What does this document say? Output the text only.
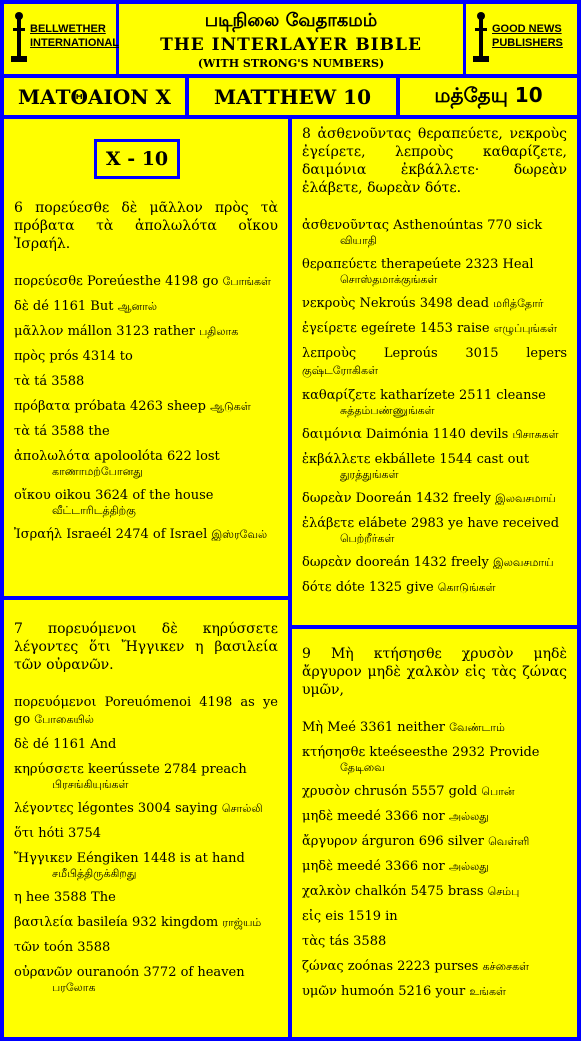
BELLWETHER
INTERNATIONAL
படிநிலை வேதாகமம்
THE INTERLAYER BIBLE
(WITH STRONG'S NUMBERS)
GOOD NEWS
PUBLISHERS
ΜΑΤΘΑΙΟΝ X	MATTHEW 10	மத்தேயு 10
X - 10
6 πορεύεσθε δὲ μᾶλλον πρὸς τὰ πρόβατα τὰ ἀπολωλότα οἴκου Ἰσραήλ.
πορεύεσθε Poreúesthe 4198 go போங்கள்
δὲ dé 1161 But ஆனால்
μᾶλλον mállon 3123 rather பதிலாக
πρὸς prós 4314 to
τὰ tá 3588
πρόβατα próbata 4263 sheep ஆடுகள்
τὰ tá 3588 the
ἀπολωλότα apoloolóta 622 lost
காணாமற்போனது
οἴκου oikou 3624 of the house
வீட்டாரிடத்திற்கு
Ἰσραήλ Israeél 2474 of Israel இஸ்ரவேல்
7 πορευόμενοι δὲ κηρύσσετε λέγοντες ὅτι Ἤγγικεν η βασιλεία τῶν οὐρανῶν.
πορευόμενοι Poreuómenoi 4198 as ye go போகையில்
δὲ dé 1161 And
κηρύσσετε keerússete 2784 preach
பிரசங்கியுங்கள்
λέγοντες légontes 3004 saying சொல்லி
ὅτι hóti 3754
Ἤγγικεν Eéngiken 1448 is at hand
சமீபித்திருக்கிறது
η hee 3588 The
βασιλεία basileía 932 kingdom ராஜ்யம்
τῶν toón 3588
οὐρανῶν ouranoón 3772 of heaven
பரலோக
8 ἀσθενοῦντας θεραπεύετε, νεκροὺς ἐγείρετε, λεπροὺς καθαρίζετε, δαιμόνια ἐκβάλλετε· δωρεὰν ἐλάβετε, δωρεὰν δότε.
ἀσθενοῦντας Asthenoúntas 770 sick
வியாதி
θεραπεύετε therapeúete 2323 Heal
சொஸ்தமாக்குங்கள்
νεκροὺς Nekroús 3498 dead மரித்தோர்
ἐγείρετε egeírete 1453 raise எழுப்புங்கள்
λεπροὺς Leproús 3015 lepers குஷ்டரோகிகள்
καθαρίζετε katharízete 2511 cleanse
சுத்தம்பண்ணுங்கள்
δαιμόνια Daimónia 1140 devils பிசாசுகள்
ἐκβάλλετε ekbállete 1544 cast out
துரத்துங்கள்
δωρεὰν Dooreán 1432 freely இலவசமாய்
ἐλάβετε elábete 2983 ye have received
பெற்றீர்கள்
δωρεὰν dooreán 1432 freely இலவசமாய்
δότε dóte 1325 give கொடுங்கள்
9 Μὴ κτήσησθε χρυσὸν μηδὲ ἄργυρον μηδὲ χαλκὸν εἰς τὰς ζώνας υμῶν,
Μὴ Meé 3361 neither வேண்டாம்
κτήσησθε kteéseesthe 2932 Provide
தேடிவை
χρυσὸν chrusón 5557 gold பொன்
μηδὲ meedé 3366 nor அல்லது
ἄργυρον árguron 696 silver வெள்ளி
μηδὲ meedé 3366 nor அல்லது
χαλκὸν chalkón 5475 brass செம்பு
εἰς eis 1519 in
τὰς tás 3588
ζώνας zoónas 2223 purses கச்சைகள்
υμῶν humoón 5216 your உங்கள்
